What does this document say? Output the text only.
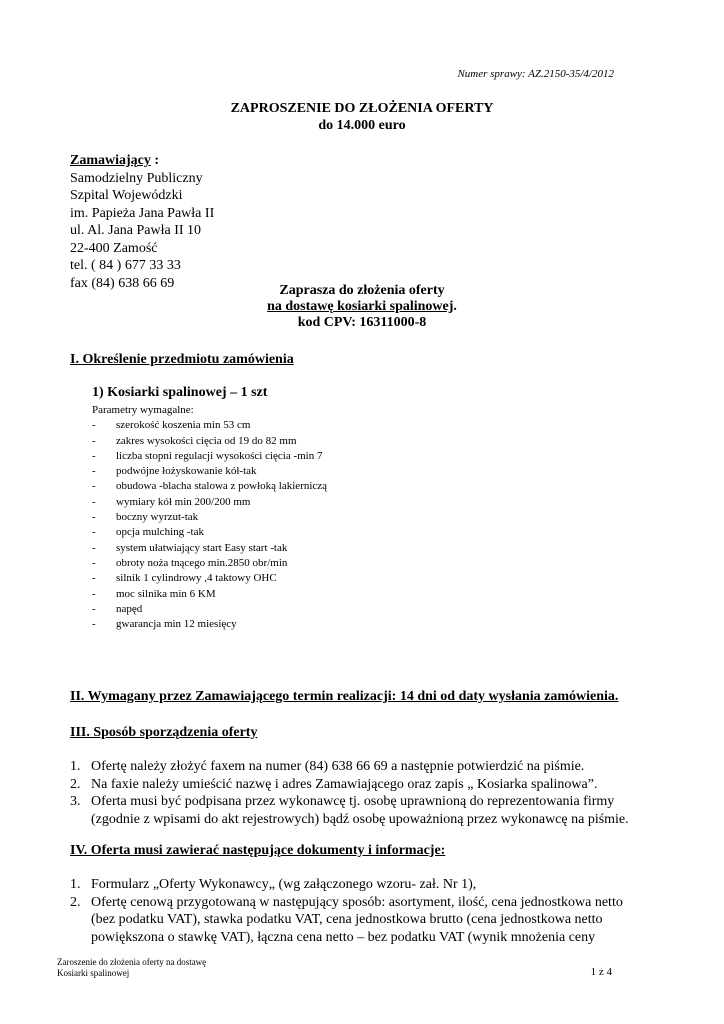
Numer sprawy: AZ.2150-35/4/2012
ZAPROSZENIE DO ZŁOŻENIA OFERTY
do 14.000 euro
Zamawiający :
Samodzielny Publiczny
Szpital Wojewódzki
im. Papieża Jana Pawła II
ul. Al. Jana Pawła II 10
22-400 Zamość
tel. ( 84 ) 677 33 33
fax (84) 638 66 69	Zaprasza do złożenia oferty
na dostawę kosiarki spalinowej.
kod CPV: 16311000-8
I. Określenie przedmiotu zamówienia
1) Kosiarki spalinowej – 1 szt
Parametry wymagalne:
- szerokość koszenia min 53 cm
- zakres wysokości cięcia od 19 do 82 mm
- liczba stopni regulacji wysokości cięcia -min 7
- podwójne łożyskowanie kół-tak
- obudowa -blacha stalowa z powłoką lakierniczą
- wymiary kół min 200/200 mm
- boczny wyrzut-tak
- opcja mulching -tak
- system ułatwiający start Easy start -tak
- obroty noża tnącego min.2850 obr/min
- silnik 1 cylindrowy ,4 taktowy OHC
- moc silnika min 6 KM
- napęd
- gwarancja min 12 miesięcy
II. Wymagany przez Zamawiającego termin realizacji: 14 dni od daty wysłania zamówienia.
III. Sposób sporządzenia oferty
1. Ofertę należy złożyć faxem na numer (84) 638 66 69 a następnie potwierdzić na piśmie.
2. Na faxie należy umieścić nazwę i adres Zamawiającego oraz zapis „ Kosiarka spalinowa”.
3. Oferta musi być podpisana przez wykonawcę tj. osobę uprawnioną do reprezentowania firmy
(zgodnie z wpisami do akt rejestrowych) bądź osobę upoważnioną przez wykonawcę na piśmie.
IV. Oferta musi zawierać następujące dokumenty i informacje:
1. Formularz „Oferty Wykonawcy„ (wg załączonego wzoru- zał. Nr 1),
2. Ofertę cenową przygotowaną w następujący sposób: asortyment, ilość, cena jednostkowa netto
(bez podatku VAT), stawka podatku VAT, cena jednostkowa brutto (cena jednostkowa netto
powiększona o stawkę VAT), łączna cena netto – bez podatku VAT (wynik mnożenia ceny
Zaroszenie do złożenia oferty na dostawę
Kosiarki spalinowej	1 z 4
